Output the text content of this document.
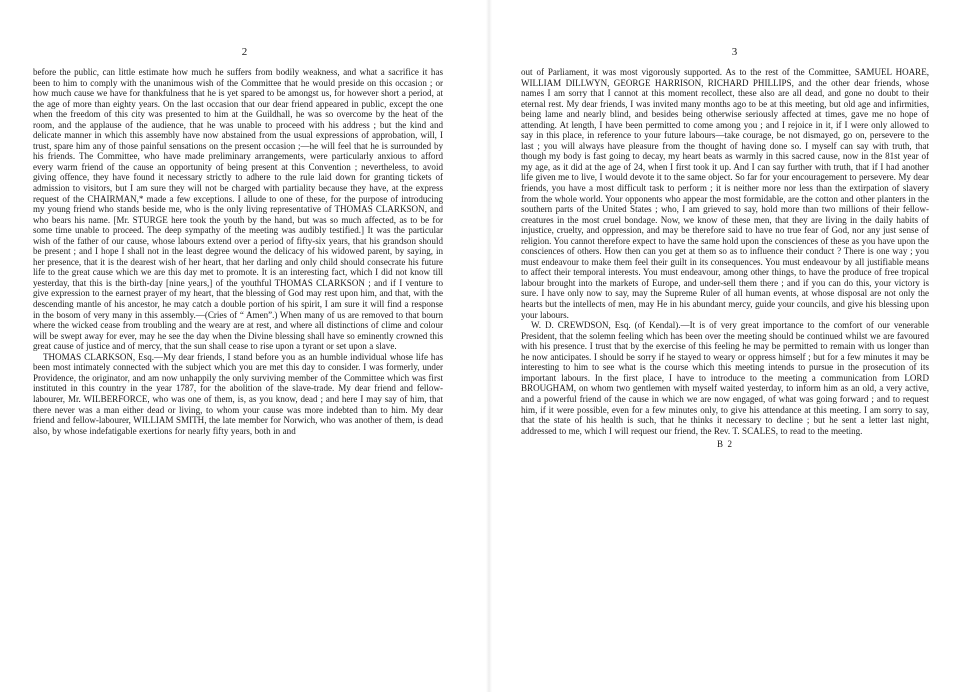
2

before the public, can little estimate how much he suffers from bodily weakness, and what a sacrifice it has been to him to comply with the unanimous wish of the Committee that he would preside on this occasion ; or how much cause we have for thankfulness that he is yet spared to be amongst us, for however short a period, at the age of more than eighty years. On the last occasion that our dear friend appeared in public, except the one when the freedom of this city was presented to him at the Guildhall, he was so overcome by the heat of the room, and the applause of the audience, that he was unable to proceed with his address ; but the kind and delicate manner in which this assembly have now abstained from the usual expressions of approbation, will, I trust, spare him any of those painful sensations on the present occasion ;—he will feel that he is surrounded by his friends. The Committee, who have made preliminary arrangements, were particularly anxious to afford every warm friend of the cause an opportunity of being present at this Convention ; nevertheless, to avoid giving offence, they have found it necessary strictly to adhere to the rule laid down for granting tickets of admission to visitors, but I am sure they will not be charged with partiality because they have, at the express request of the CHAIRMAN,* made a few exceptions. I allude to one of these, for the purpose of introducing my young friend who stands beside me, who is the only living representative of THOMAS CLARKSON, and who bears his name. [Mr. STURGE here took the youth by the hand, but was so much affected, as to be for some time unable to proceed. The deep sympathy of the meeting was audibly testified.] It was the particular wish of the father of our cause, whose labours extend over a period of fifty-six years, that his grandson should be present ; and I hope I shall not in the least degree wound the delicacy of his widowed parent, by saying, in her presence, that it is the dearest wish of her heart, that her darling and only child should consecrate his future life to the great cause which we are this day met to promote. It is an interesting fact, which I did not know till yesterday, that this is the birth-day [nine years,] of the youthful THOMAS CLARKSON ; and if I venture to give expression to the earnest prayer of my heart, that the blessing of God may rest upon him, and that, with the descending mantle of his ancestor, he may catch a double portion of his spirit, I am sure it will find a response in the bosom of very many in this assembly.—(Cries of “ Amen”.) When many of us are removed to that bourn where the wicked cease from troubling and the weary are at rest, and where all distinctions of clime and colour will be swept away for ever, may he see the day when the Divine blessing shall have so eminently crowned this great cause of justice and of mercy, that the sun shall cease to rise upon a tyrant or set upon a slave.

THOMAS CLARKSON, Esq.—My dear friends, I stand before you as an humble individual whose life has been most intimately connected with the subject which you are met this day to consider. I was formerly, under Providence, the originator, and am now unhappily the only surviving member of the Committee which was first instituted in this country in the year 1787, for the abolition of the slave-trade. My dear friend and fellow-labourer, Mr. WILBERFORCE, who was one of them, is, as you know, dead ; and here I may say of him, that there never was a man either dead or living, to whom your cause was more indebted than to him. My dear friend and fellow-labourer, WILLIAM SMITH, the late member for Norwich, who was another of them, is dead also, by whose indefatigable exertions for nearly fifty years, both in and

3

out of Parliament, it was most vigorously supported. As to the rest of the Committee, SAMUEL HOARE, WILLIAM DILLWYN, GEORGE HARRISON, RICHARD PHILLIPS, and the other dear friends, whose names I am sorry that I cannot at this moment recollect, these also are all dead, and gone no doubt to their eternal rest. My dear friends, I was invited many months ago to be at this meeting, but old age and infirmities, being lame and nearly blind, and besides being otherwise seriously affected at times, gave me no hope of attending. At length, I have been permitted to come among you ; and I rejoice in it, if I were only allowed to say in this place, in reference to your future labours—take courage, be not dismayed, go on, persevere to the last ; you will always have pleasure from the thought of having done so. I myself can say with truth, that though my body is fast going to decay, my heart beats as warmly in this sacred cause, now in the 81st year of my age, as it did at the age of 24, when I first took it up. And I can say further with truth, that if I had another life given me to live, I would devote it to the same object. So far for your encouragement to persevere. My dear friends, you have a most difficult task to perform ; it is neither more nor less than the extirpation of slavery from the whole world. Your opponents who appear the most formidable, are the cotton and other planters in the southern parts of the United States ; who, I am grieved to say, hold more than two millions of their fellow-creatures in the most cruel bondage. Now, we know of these men, that they are living in the daily habits of injustice, cruelty, and oppression, and may be therefore said to have no true fear of God, nor any just sense of religion. You cannot therefore expect to have the same hold upon the consciences of these as you have upon the consciences of others. How then can you get at them so as to influence their conduct ? There is one way ; you must endeavour to make them feel their guilt in its consequences. You must endeavour by all justifiable means to affect their temporal interests. You must endeavour, among other things, to have the produce of free tropical labour brought into the markets of Europe, and under-sell them there ; and if you can do this, your victory is sure. I have only now to say, may the Supreme Ruler of all human events, at whose disposal are not only the hearts but the intellects of men, may He in his abundant mercy, guide your councils, and give his blessing upon your labours.

W. D. CREWDSON, Esq. (of Kendal).—It is of very great importance to the comfort of our venerable President, that the solemn feeling which has been over the meeting should be continued whilst we are favoured with his presence. I trust that by the exercise of this feeling he may be permitted to remain with us longer than he now anticipates. I should be sorry if he stayed to weary or oppress himself ; but for a few minutes it may be interesting to him to see what is the course which this meeting intends to pursue in the prosecution of its important labours. In the first place, I have to introduce to the meeting a communication from LORD BROUGHAM, on whom two gentlemen with myself waited yesterday, to inform him as an old, a very active, and a powerful friend of the cause in which we are now engaged, of what was going forward ; and to request him, if it were possible, even for a few minutes only, to give his attendance at this meeting. I am sorry to say, that the state of his health is such, that he thinks it necessary to decline ; but he sent a letter last night, addressed to me, which I will request our friend, the Rev. T. SCALES, to read to the meeting.

B 2
